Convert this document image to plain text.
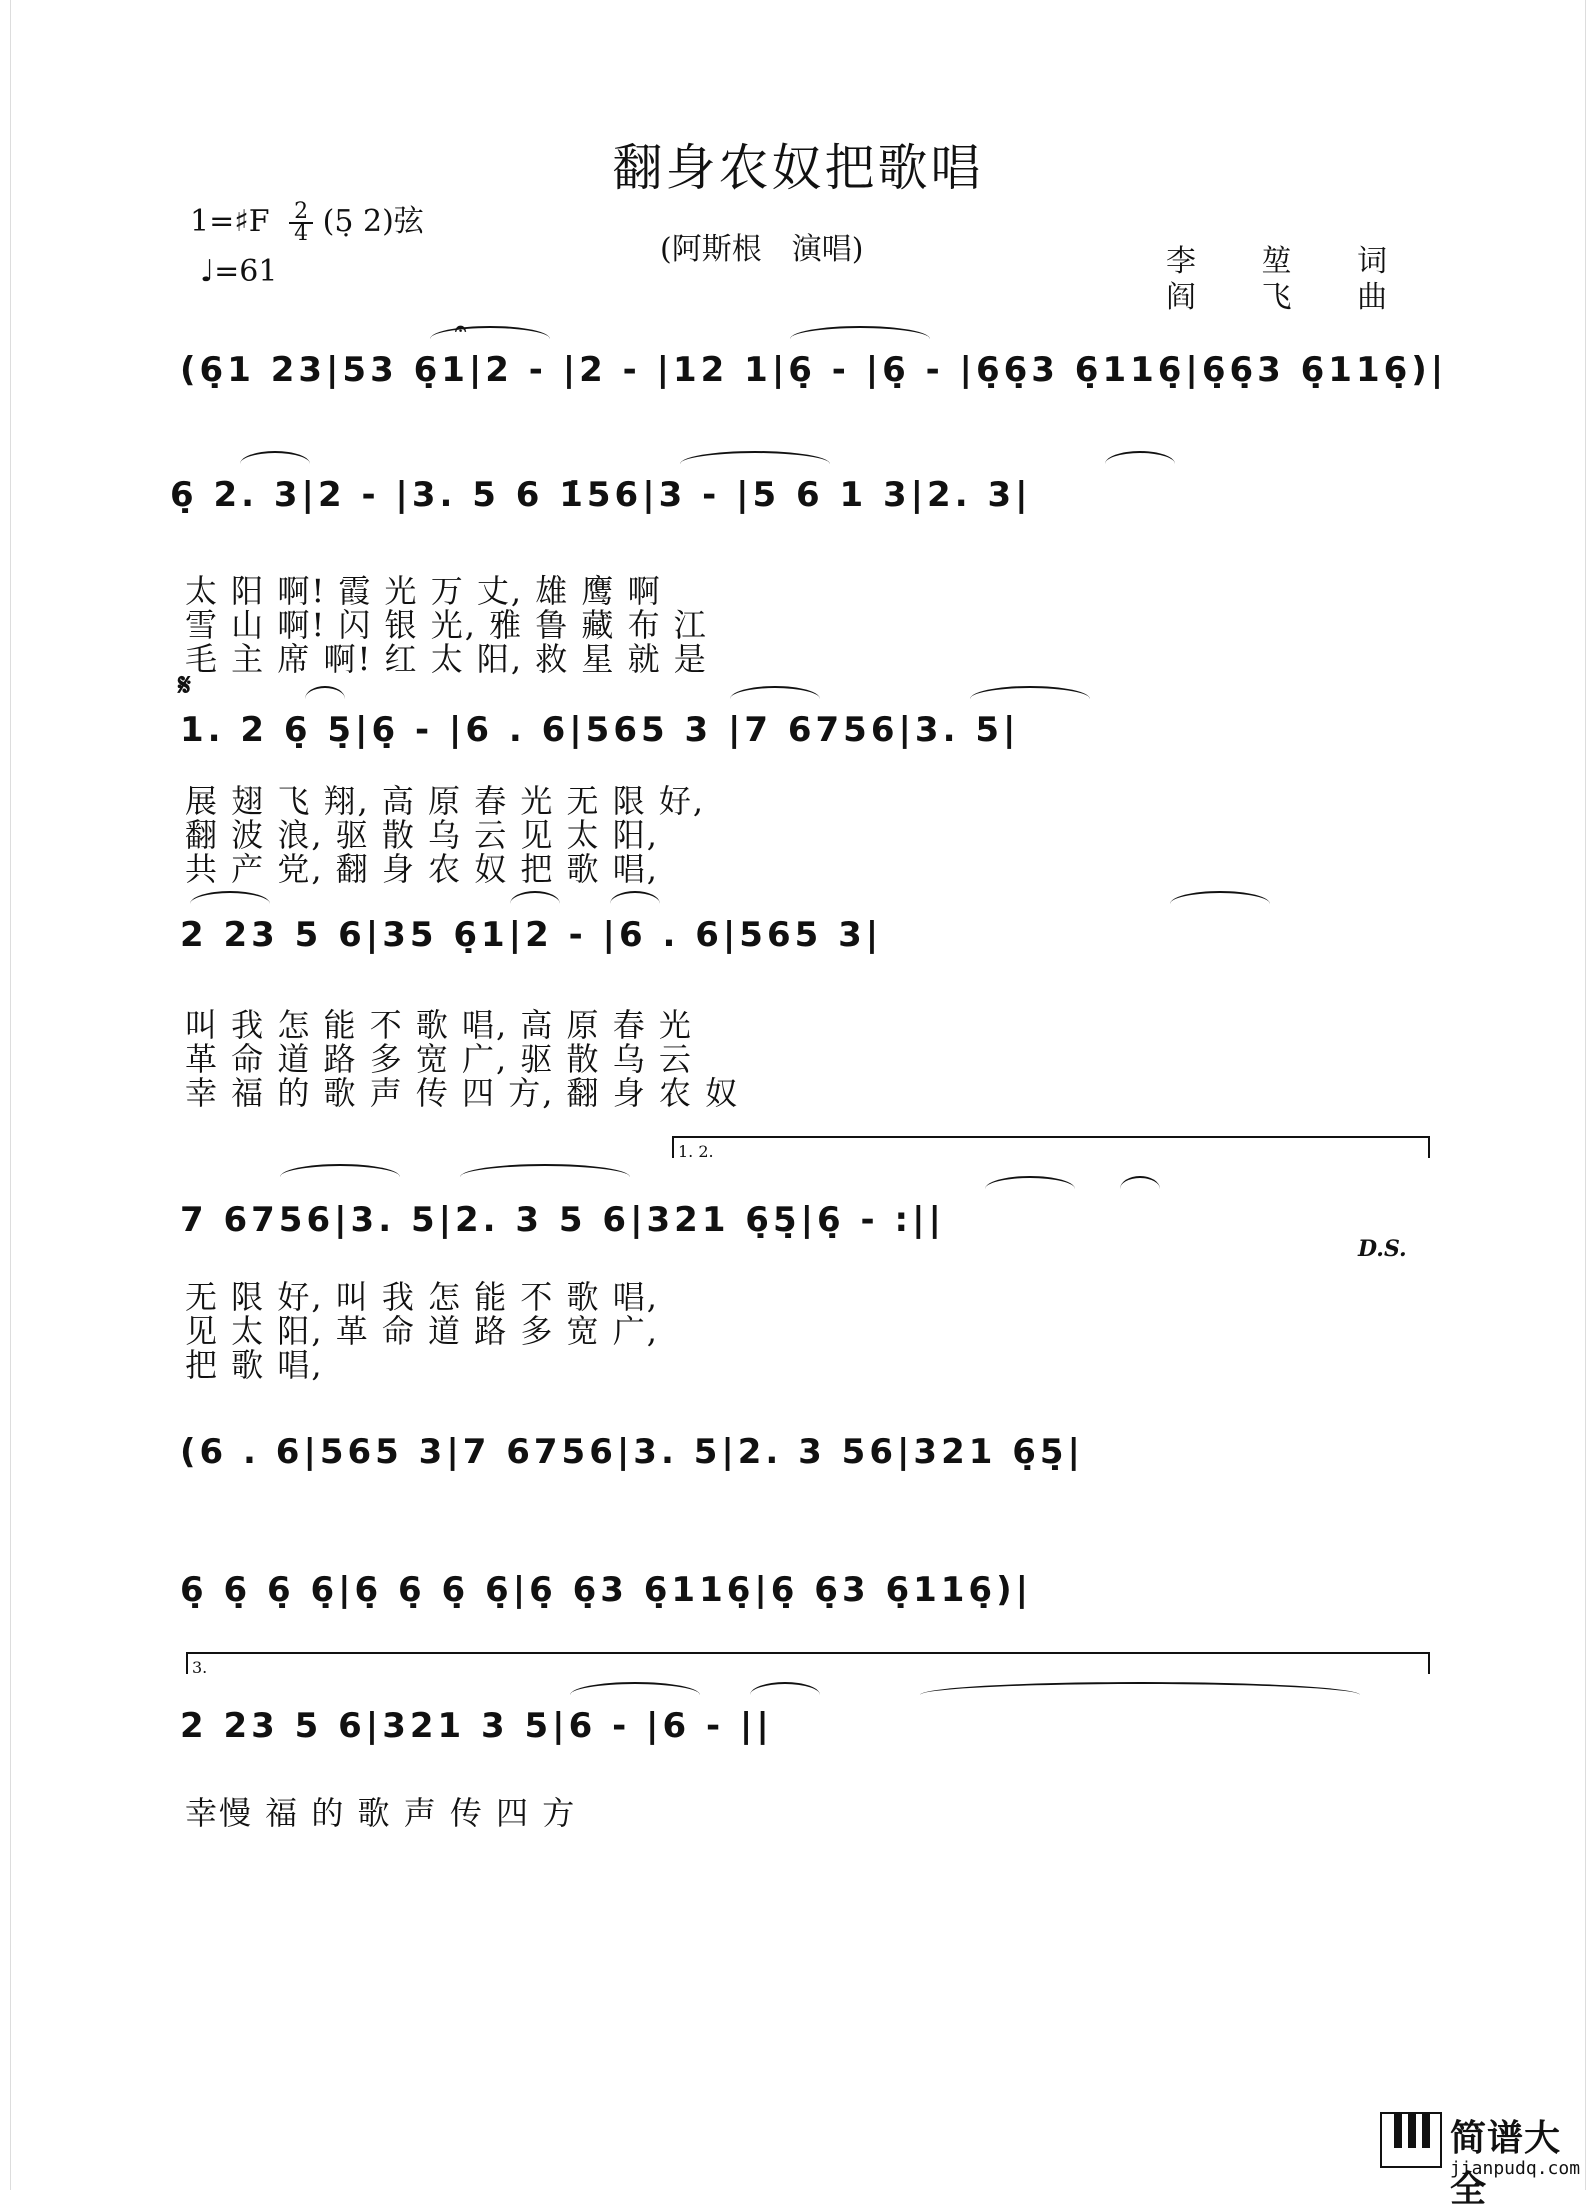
翻身农奴把歌唱
1=♯F $\frac{2}{4}$ (5̣ 2)弦
♩=61
(阿斯根　演唱)	李 堃 词
阎 飞 曲
(6̣1 23|53 6̣1|2 - |2 - |12 1|6̣ - |6̣ - |6̣6̣3 6̣116̣|6̣6̣3 6̣116̣)|
𝄐
6̣ 2. 3|2 - |3. 5 6 1̇56|3 - |5 6 1 3|2. 3|
太 阳 啊! 霞 光 万 丈, 雄 鹰 啊
雪 山 啊! 闪 银 光, 雅 鲁 藏 布 江
毛 主 席 啊! 红 太 阳, 救 星 就 是
𝄋
1. 2 6̣ 5̣|6̣ - |6 . 6|565 3 |7 6756|3. 5|
展 翅 飞 翔, 高 原 春 光 无 限 好,
翻 波 浪, 驱 散 乌 云 见 太 阳,
共 产 党, 翻 身 农 奴 把 歌 唱,
2 23 5 6|35 6̣1|2 - |6 . 6|565 3|
叫 我 怎 能 不 歌 唱, 高 原 春 光
革 命 道 路 多 宽 广, 驱 散 乌 云
幸 福 的 歌 声 传 四 方, 翻 身 农 奴
1. 2.
7 6756|3. 5|2. 3 5 6|321 6̣5̣|6̣ - :||
D.S.
无 限 好, 叫 我 怎 能 不 歌 唱,
见 太 阳, 革 命 道 路 多 宽 广,
把 歌 唱,
(6 . 6|565 3|7 6756|3. 5|2. 3 56|321 6̣5̣|
6̣ 6̣ 6̣ 6̣|6̣ 6̣ 6̣ 6̣|6̣ 6̣3 6̣116̣|6̣ 6̣3 6̣116̣)|
3.
2 23 5 6|321 3 5|6 - |6 - ||
幸慢 福 的 歌 声 传 四 方
简谱大全
jianpudq.com
